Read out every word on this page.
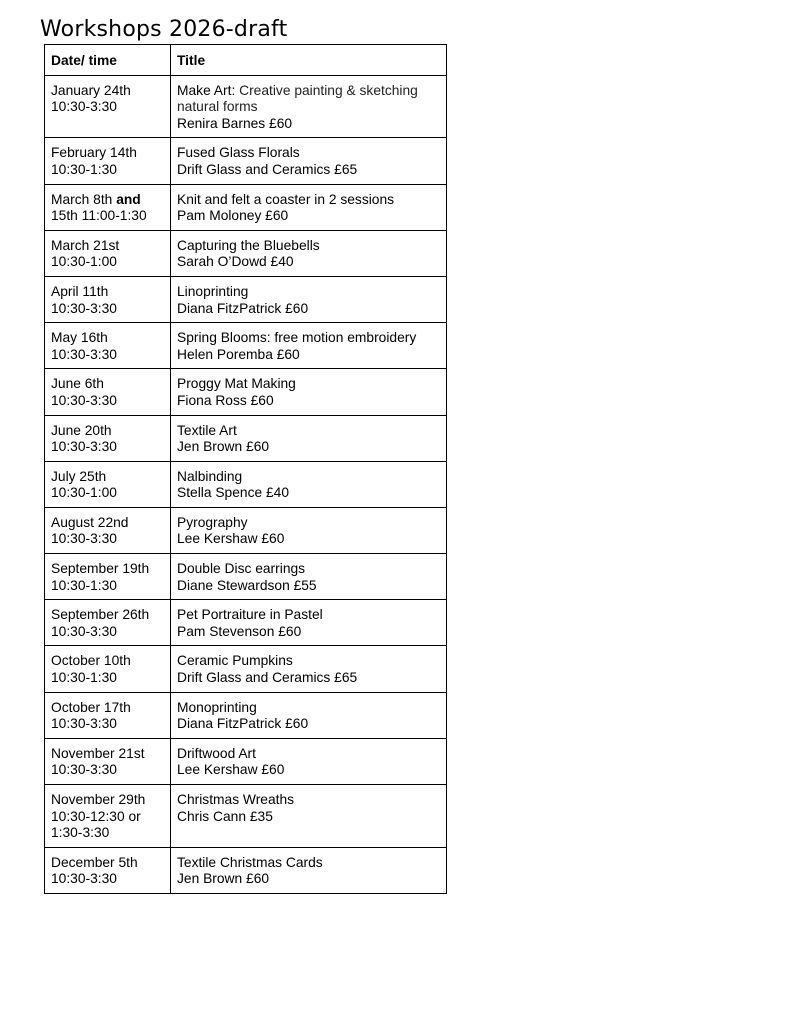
Workshops 2026-draft
Date/ time	Title

January 24th
10:30-3:30	Make Art: Creative painting & sketching natural forms
Renira Barnes £60

February 14th
10:30-1:30	Fused Glass Florals
Drift Glass and Ceramics £65

March 8th and 15th 11:00-1:30	Knit and felt a coaster in 2 sessions
Pam Moloney £60

March 21st
10:30-1:00	Capturing the Bluebells
Sarah O’Dowd £40

April 11th
10:30-3:30	Linoprinting
Diana FitzPatrick £60

May 16th
10:30-3:30	Spring Blooms: free motion embroidery
Helen Poremba £60

June 6th
10:30-3:30	Proggy Mat Making
Fiona Ross £60

June 20th
10:30-3:30	Textile Art
Jen Brown £60

July 25th
10:30-1:00	Nalbinding
Stella Spence £40

August 22nd
10:30-3:30	Pyrography
Lee Kershaw £60

September 19th
10:30-1:30	Double Disc earrings
Diane Stewardson £55

September 26th
10:30-3:30	Pet Portraiture in Pastel
Pam Stevenson £60

October 10th
10:30-1:30	Ceramic Pumpkins
Drift Glass and Ceramics £65

October 17th
10:30-3:30	Monoprinting
Diana FitzPatrick £60

November 21st
10:30-3:30	Driftwood Art
Lee Kershaw £60

November 29th
10:30-12:30 or
1:30-3:30	Christmas Wreaths
Chris Cann £35

December 5th
10:30-3:30	Textile Christmas Cards
Jen Brown £60
